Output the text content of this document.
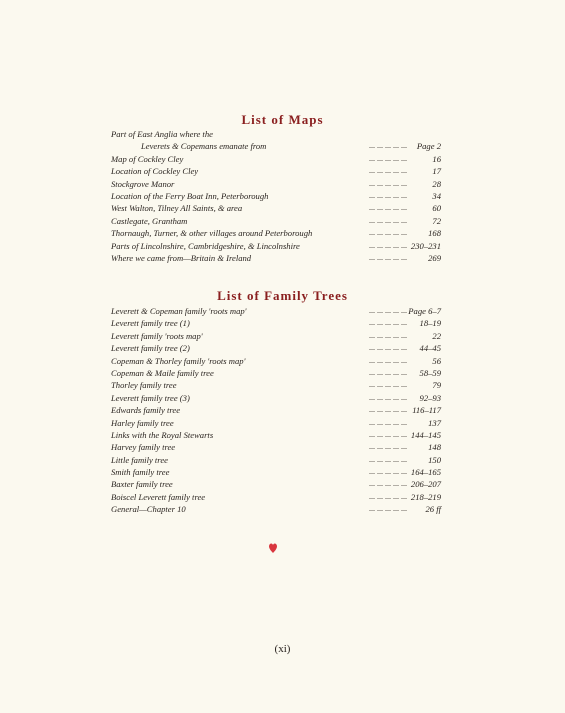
List of Maps
Part of East Anglia where the
... ... ... ... ...
Leverets & Copemans emanate from	Page 2
... ... ... ... ...
Map of Cockley Cley	16
... ... ... ... ...
Location of Cockley Cley	17
... ... ... ... ...
Stockgrove Manor	28
... ... ... ... ...
Location of the Ferry Boat Inn, Peterborough	34
... ... ... ... ...
West Walton, Tilney All Saints, & area	60
... ... ... ... ...
Castlegate, Grantham	72
... ... ... ... ...
Thornaugh, Turner, & other villages around Peterborough	168
... ... ... ... ...
Parts of Lincolnshire, Cambridgeshire, & Lincolnshire	230–231
... ... ... ... ...
Where we came from—Britain & Ireland	269
List of Family Trees
... ... ... ... ...
Leverett & Copeman family 'roots map'	Page 6–7
... ... ... ... ...
Leverett family tree (1)	18–19
... ... ... ... ...
Leverett family 'roots map'	22
... ... ... ... ...
Leverett family tree (2)	44–45
... ... ... ... ...
Copeman & Thorley family 'roots map'	56
... ... ... ... ...
Copeman & Maile family tree	58–59
... ... ... ... ...
Thorley family tree	79
... ... ... ... ...
Leverett family tree (3)	92–93
... ... ... ... ...
Edwards family tree	116–117
... ... ... ... ...
Harley family tree	137
... ... ... ... ...
Links with the Royal Stewarts	144–145
... ... ... ... ...
Harvey family tree	148
... ... ... ... ...
Little family tree	150
... ... ... ... ...
Smith family tree	164–165
... ... ... ... ...
Baxter family tree	206–207
... ... ... ... ...
Boiscel Leverett family tree	218–219
... ... ... ... ...
General—Chapter 10	26 ff
(xi)
